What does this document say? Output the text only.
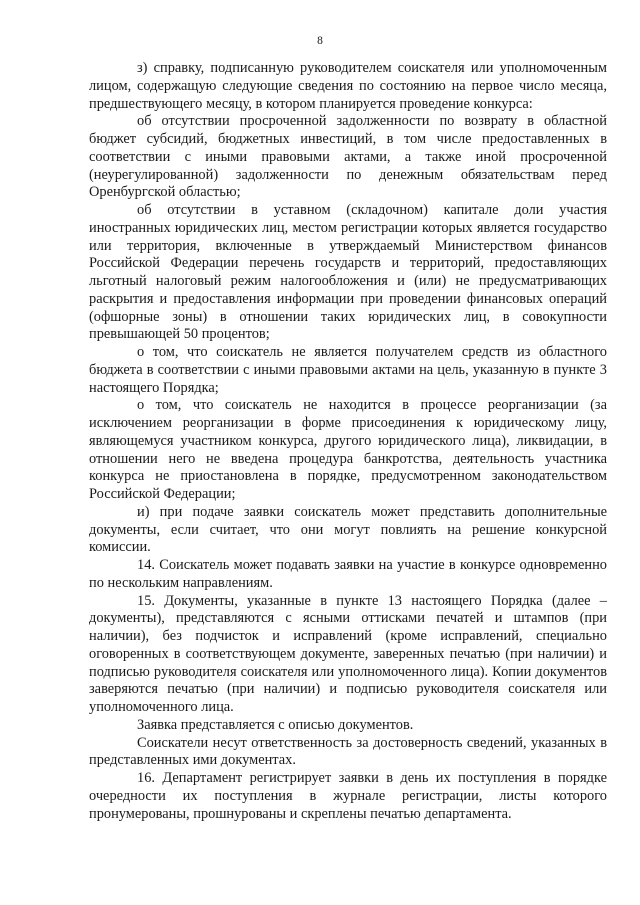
8

з) справку, подписанную руководителем соискателя или уполномоченным лицом, содержащую следующие сведения по состоянию на первое число месяца, предшествующего месяцу, в котором планируется проведение конкурса:

об отсутствии просроченной задолженности по возврату в областной бюджет субсидий, бюджетных инвестиций, в том числе предоставленных в соответствии с иными правовыми актами, а также иной просроченной (неурегулированной) задолженности по денежным обязательствам перед Оренбургской областью;

об отсутствии в уставном (складочном) капитале доли участия иностранных юридических лиц, местом регистрации которых является государство или территория, включенные в утверждаемый Министерством финансов Российской Федерации перечень государств и территорий, предоставляющих льготный налоговый режим налогообложения и (или) не предусматривающих раскрытия и предоставления информации при проведении финансовых операций (офшорные зоны) в отношении таких юридических лиц, в совокупности превышающей 50 процентов;

о том, что соискатель не является получателем средств из областного бюджета в соответствии с иными правовыми актами на цель, указанную в пункте 3 настоящего Порядка;

о том, что соискатель не находится в процессе реорганизации (за исключением реорганизации в форме присоединения к юридическому лицу, являющемуся участником конкурса, другого юридического лица), ликвидации, в отношении него не введена процедура банкротства, деятельность участника конкурса не приостановлена в порядке, предусмотренном законодательством Российской Федерации;

и) при подаче заявки соискатель может представить дополнительные документы, если считает, что они могут повлиять на решение конкурсной комиссии.

14. Соискатель может подавать заявки на участие в конкурсе одновременно по нескольким направлениям.

15. Документы, указанные в пункте 13 настоящего Порядка (далее – документы), представляются с ясными оттисками печатей и штампов (при наличии), без подчисток и исправлений (кроме исправлений, специально оговоренных в соответствующем документе, заверенных печатью (при наличии) и подписью руководителя соискателя или уполномоченного лица). Копии документов заверяются печатью (при наличии) и подписью руководителя соискателя или уполномоченного лица.

Заявка представляется с описью документов.

Соискатели несут ответственность за достоверность сведений, указанных в представленных ими документах.

16. Департамент регистрирует заявки в день их поступления в порядке очередности их поступления в журнале регистрации, листы которого пронумерованы, прошнурованы и скреплены печатью департамента.
